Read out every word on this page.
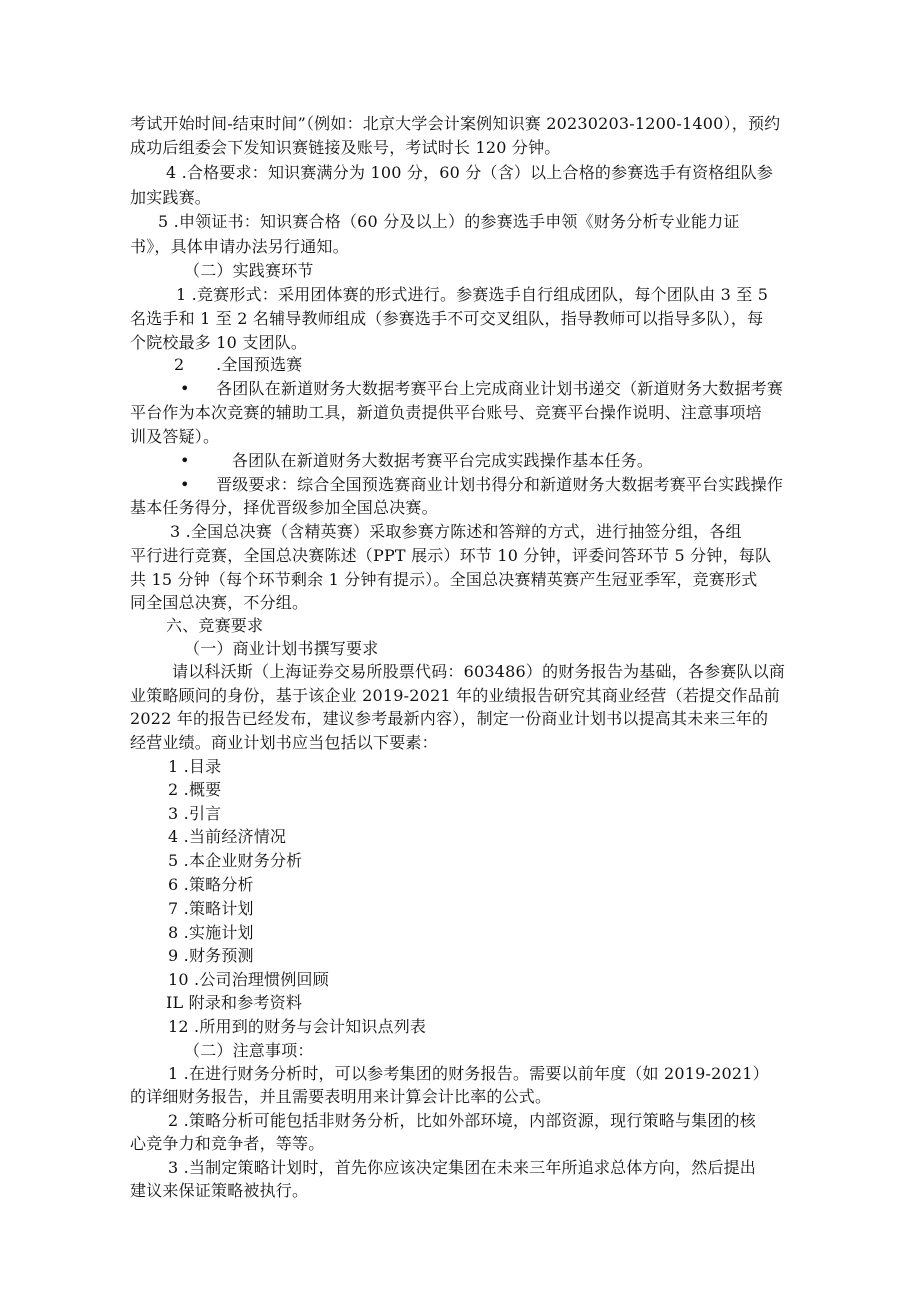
考试开始时间-结束时间”（例如：北京大学会计案例知识赛 20230203-1200-1400），预约
成功后组委会下发知识赛链接及账号，考试时长 120 分钟。
4 .合格要求：知识赛满分为 100 分，60 分（含）以上合格的参赛选手有资格组队参
加实践赛。
5 .申领证书：知识赛合格（60 分及以上）的参赛选手申领《财务分析专业能力证
书》，具体申请办法另行通知。
（二）实践赛环节
1 .竞赛形式：采用团体赛的形式进行。参赛选手自行组成团队，每个团队由 3 至 5
名选手和 1 至 2 名辅导教师组成（参赛选手不可交叉组队，指导教师可以指导多队），每
个院校最多 10 支团队。
2      .全国预选赛
•     各团队在新道财务大数据考赛平台上完成商业计划书递交（新道财务大数据考赛
平台作为本次竞赛的辅助工具，新道负责提供平台账号、竞赛平台操作说明、注意事项培
训及答疑）。
•        各团队在新道财务大数据考赛平台完成实践操作基本任务。
•     晋级要求：综合全国预选赛商业计划书得分和新道财务大数据考赛平台实践操作
基本任务得分，择优晋级参加全国总决赛。
3 .全国总决赛（含精英赛）采取参赛方陈述和答辩的方式，进行抽签分组，各组
平行进行竞赛，全国总决赛陈述（PPT 展示）环节 10 分钟，评委问答环节 5 分钟，每队
共 15 分钟（每个环节剩余 1 分钟有提示）。全国总决赛精英赛产生冠亚季军，竞赛形式
同全国总决赛，不分组。
六、竞赛要求
（一）商业计划书撰写要求
请以科沃斯（上海证券交易所股票代码：603486）的财务报告为基础，各参赛队以商
业策略顾问的身份，基于该企业 2019-2021 年的业绩报告研究其商业经营（若提交作品前
2022 年的报告已经发布，建议参考最新内容），制定一份商业计划书以提高其未来三年的
经营业绩。商业计划书应当包括以下要素：
1 .目录
2 .概要
3 .引言
4 .当前经济情况
5 .本企业财务分析
6 .策略分析
7 .策略计划
8 .实施计划
9 .财务预测
10 .公司治理惯例回顾
IL 附录和参考资料
12 .所用到的财务与会计知识点列表
（二）注意事项：
1 .在进行财务分析时，可以参考集团的财务报告。需要以前年度（如 2019-2021）
的详细财务报告，并且需要表明用来计算会计比率的公式。
2 .策略分析可能包括非财务分析，比如外部环境，内部资源，现行策略与集团的核
心竞争力和竞争者，等等。
3 .当制定策略计划时，首先你应该决定集团在未来三年所追求总体方向，然后提出
建议来保证策略被执行。
